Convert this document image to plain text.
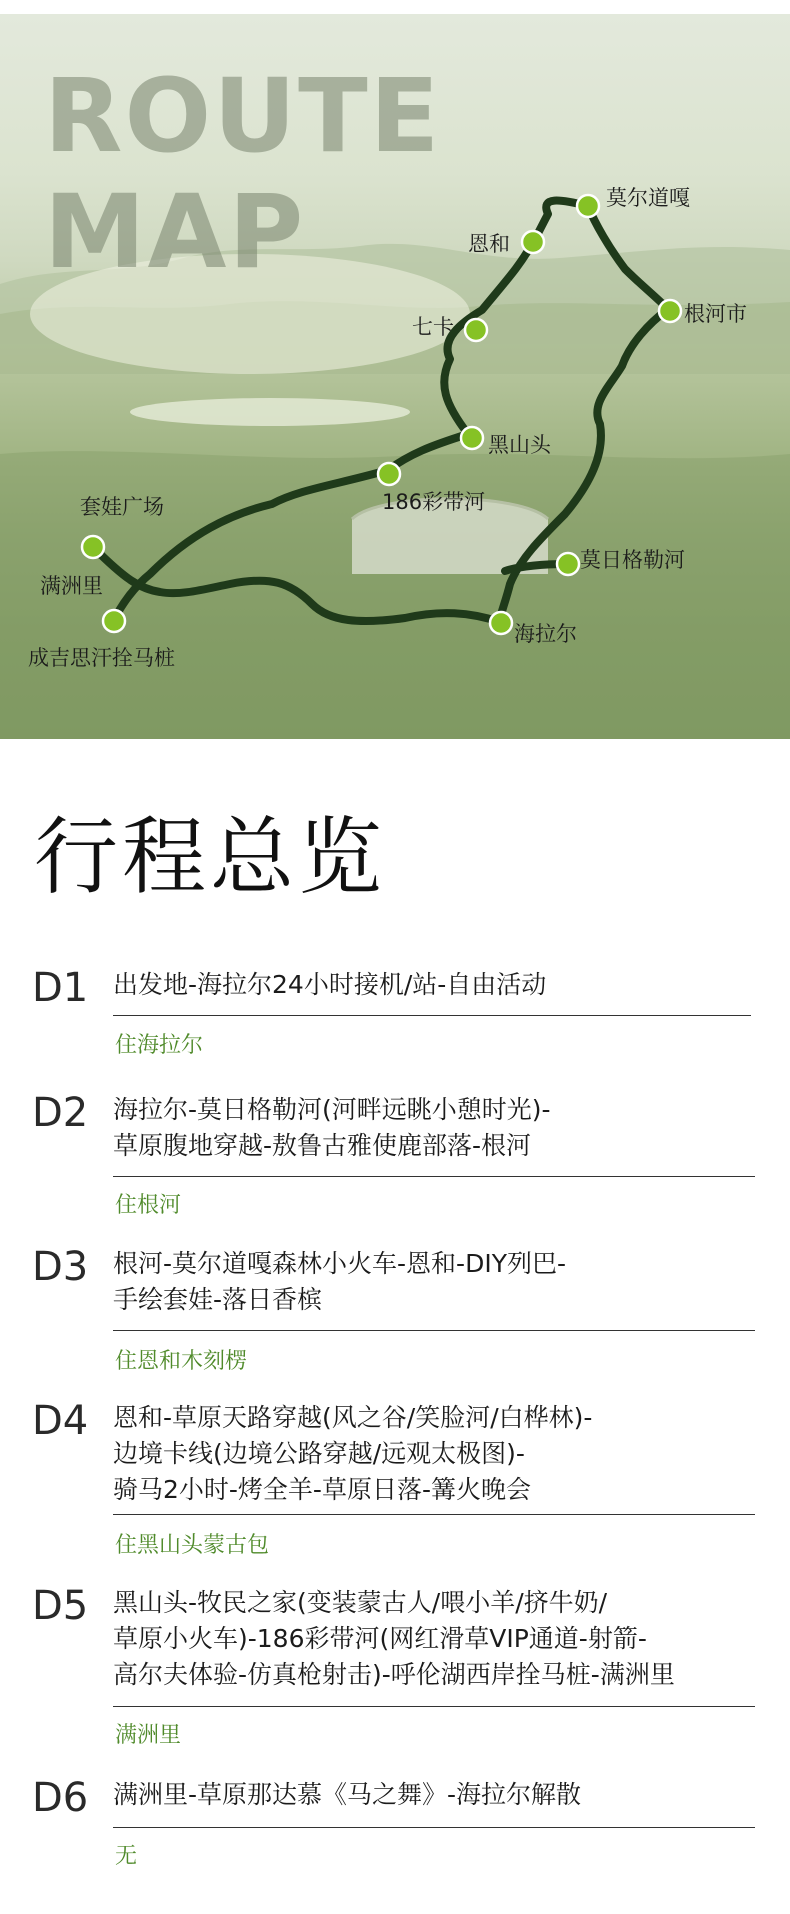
ROUTE
MAP	莫尔道嘎
恩和
根河市
七卡
黑山头
186彩带河
套娃广场
满洲里
成吉思汗拴马桩
莫日格勒河
海拉尔
行程总览
D1 出发地-海拉尔24小时接机/站-自由活动
住海拉尔
D2 海拉尔-莫日格勒河(河畔远眺小憩时光)-
草原腹地穿越-敖鲁古雅使鹿部落-根河
住根河
D3 根河-莫尔道嘎森林小火车-恩和-DIY列巴-
手绘套娃-落日香槟
住恩和木刻楞
D4 恩和-草原天路穿越(风之谷/笑脸河/白桦林)-
边境卡线(边境公路穿越/远观太极图)-
骑马2小时-烤全羊-草原日落-篝火晚会
住黑山头蒙古包
D5 黑山头-牧民之家(变装蒙古人/喂小羊/挤牛奶/
草原小火车)-186彩带河(网红滑草VIP通道-射箭-
高尔夫体验-仿真枪射击)-呼伦湖西岸拴马桩-满洲里
满洲里
D6 满洲里-草原那达慕《马之舞》-海拉尔解散
无
